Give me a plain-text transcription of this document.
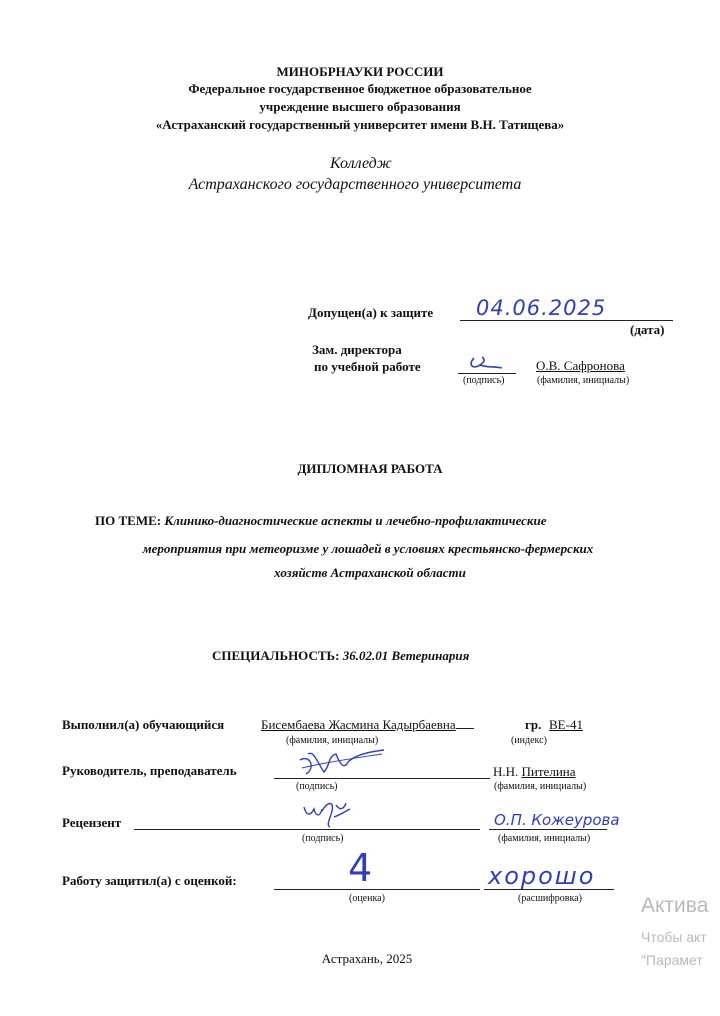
МИНОБРНАУКИ РОССИИ
Федеральное государственное бюджетное образовательное
учреждение высшего образования
«Астраханский государственный университет имени В.Н. Татищева»
Колледж
Астраханского государственного университета
Допущен(а) к защите 04.06.2025
(дата)
Зам. директора
по учебной работе
(подпись)
О.В. Сафронова
(фамилия, инициалы)
ДИПЛОМНАЯ РАБОТА
ПО ТЕМЕ: Клинико-диагностические аспекты и лечебно-профилактические
мероприятия при метеоризме у лошадей в условиях крестьянско-фермерских
хозяйств Астраханской области
СПЕЦИАЛЬНОСТЬ: 36.02.01 Ветеринария
Выполнил(а) обучающийся	Бисембаева Жасмина Кадырбаевна	гр. ВЕ-41
(фамилия, инициалы)	(индекс)
Руководитель, преподаватель	Н.Н. Пителина
(подпись)	(фамилия, инициалы)
Рецензент	О.П. Кожеурова
(подпись)	(фамилия, инициалы)
Работу защитил(а) с оценкой:	4	хорошо
(оценка)	(расшифровка)
Астрахань, 2025
Актива
Чтобы акт
"Парамет
